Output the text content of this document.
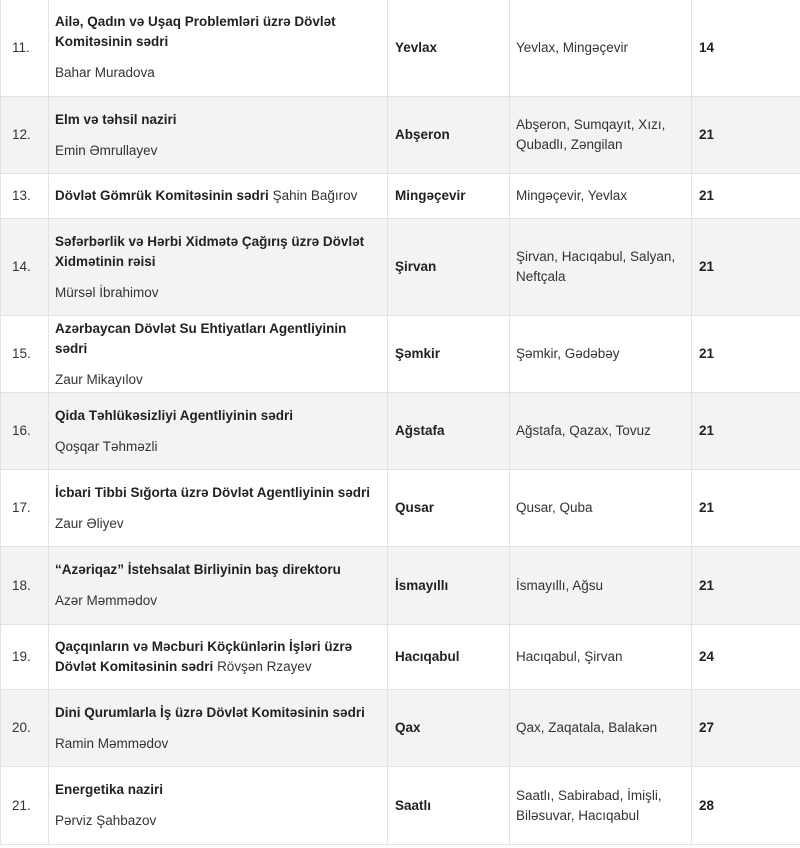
11.	Ailə, Qadın və Uşaq Problemləri üzrə Dövlət Komitəsinin sədri
Bahar Muradova	Yevlax	Yevlax, Mingəçevir	14
12.	Elm və təhsil naziri
Emin Əmrullayev	Abşeron	Abşeron, Sumqayıt, Xızı, Qubadlı, Zəngilan	21
13.	Dövlət Gömrük Komitəsinin sədri Şahin Bağırov	Mingəçevir	Mingəçevir, Yevlax	21
14.	Səfərbərlik və Hərbi Xidmətə Çağırış üzrə Dövlət Xidmətinin rəisi
Mürsəl İbrahimov	Şirvan	Şirvan, Hacıqabul, Salyan, Neftçala	21
15.	Azərbaycan Dövlət Su Ehtiyatları Agentliyinin sədri
Zaur Mikayılov	Şəmkir	Şəmkir, Gədəbəy	21
16.	Qida Təhlükəsizliyi Agentliyinin sədri
Qoşqar Təhməzli	Ağstafa	Ağstafa, Qazax, Tovuz	21
17.	İcbari Tibbi Sığorta üzrə Dövlət Agentliyinin sədri
Zaur Əliyev	Qusar	Qusar, Quba	21
18.	“Azəriqaz” İstehsalat Birliyinin baş direktoru
Azər Məmmədov	İsmayıllı	İsmayıllı, Ağsu	21
19.	Qaçqınların və Məcburi Köçkünlərin İşləri üzrə Dövlət Komitəsinin sədri Rövşən Rzayev	Hacıqabul	Hacıqabul, Şirvan	24
20.	Dini Qurumlarla İş üzrə Dövlət Komitəsinin sədri
Ramin Məmmədov	Qax	Qax, Zaqatala, Balakən	27
21.	Energetika naziri
Pərviz Şahbazov	Saatlı	Saatlı, Sabirabad, İmişli, Biləsuvar, Hacıqabul	28
